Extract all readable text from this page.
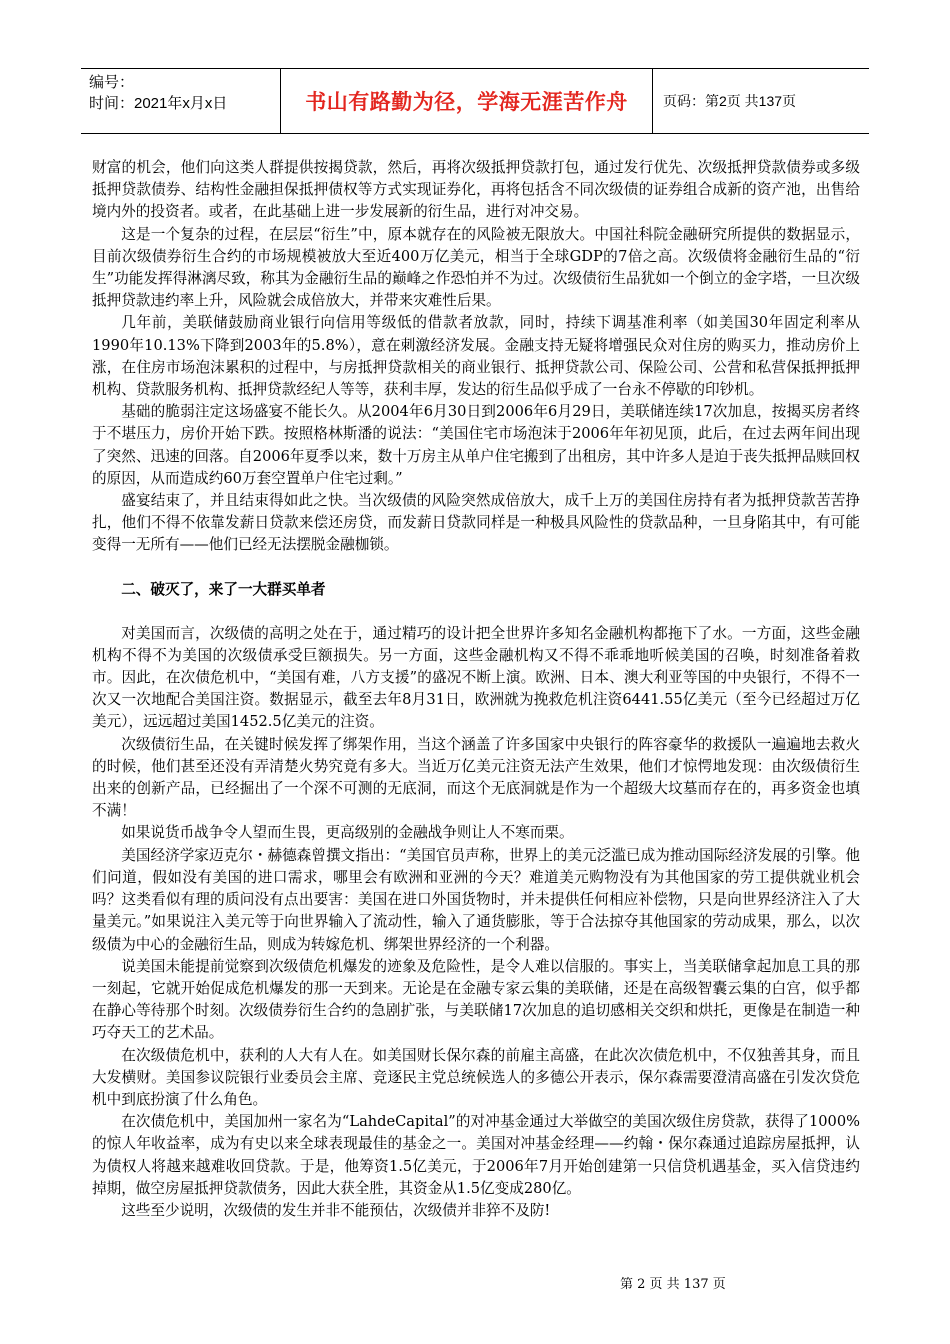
编号：
时间：2021年x月x日	书山有路勤为径，学海无涯苦作舟	页码：第2页 共137页

财富的机会，他们向这类人群提供按揭贷款，然后，再将次级抵押贷款打包，通过发行优先、次级抵押贷款债券或多级抵押贷款债券、结构性金融担保抵押债权等方式实现证券化，再将包括含不同次级债的证券组合成新的资产池，出售给境内外的投资者。或者，在此基础上进一步发展新的衍生品，进行对冲交易。

这是一个复杂的过程，在层层“衍生”中，原本就存在的风险被无限放大。中国社科院金融研究所提供的数据显示，目前次级债券衍生合约的市场规模被放大至近400万亿美元，相当于全球GDP的7倍之高。次级债将金融衍生品的“衍生”功能发挥得淋漓尽致，称其为金融衍生品的巅峰之作恐怕并不为过。次级债衍生品犹如一个倒立的金字塔，一旦次级抵押贷款违约率上升，风险就会成倍放大，并带来灾难性后果。

几年前，美联储鼓励商业银行向信用等级低的借款者放款，同时，持续下调基准利率（如美国30年固定利率从1990年10.13%下降到2003年的5.8%），意在刺激经济发展。金融支持无疑将增强民众对住房的购买力，推动房价上涨，在住房市场泡沫累积的过程中，与房抵押贷款相关的商业银行、抵押贷款公司、保险公司、公营和私营保抵押抵押机构、贷款服务机构、抵押贷款经纪人等等，获利丰厚，发达的衍生品似乎成了一台永不停歇的印钞机。

基础的脆弱注定这场盛宴不能长久。从2004年6月30日到2006年6月29日，美联储连续17次加息，按揭买房者终于不堪压力，房价开始下跌。按照格林斯潘的说法：“美国住宅市场泡沫于2006年年初见顶，此后，在过去两年间出现了突然、迅速的回落。自2006年夏季以来，数十万房主从单户住宅搬到了出租房，其中许多人是迫于丧失抵押品赎回权的原因，从而造成约60万套空置单户住宅过剩。”

盛宴结束了，并且结束得如此之快。当次级债的风险突然成倍放大，成千上万的美国住房持有者为抵押贷款苦苦挣扎，他们不得不依靠发薪日贷款来偿还房贷，而发薪日贷款同样是一种极具风险性的贷款品种，一旦身陷其中，有可能变得一无所有——他们已经无法摆脱金融枷锁。

二、破灭了，来了一大群买单者

对美国而言，次级债的高明之处在于，通过精巧的设计把全世界许多知名金融机构都拖下了水。一方面，这些金融机构不得不为美国的次级债承受巨额损失。另一方面，这些金融机构又不得不乖乖地听候美国的召唤，时刻准备着救市。因此，在次债危机中，“美国有难，八方支援”的盛况不断上演。欧洲、日本、澳大利亚等国的中央银行，不得不一次又一次地配合美国注资。数据显示，截至去年8月31日，欧洲就为挽救危机注资6441.55亿美元（至今已经超过万亿美元），远远超过美国1452.5亿美元的注资。

次级债衍生品，在关键时候发挥了绑架作用，当这个涵盖了许多国家中央银行的阵容豪华的救援队一遍遍地去救火的时候，他们甚至还没有弄清楚火势究竟有多大。当近万亿美元注资无法产生效果，他们才惊愕地发现：由次级债衍生出来的创新产品，已经掘出了一个深不可测的无底洞，而这个无底洞就是作为一个超级大坟墓而存在的，再多资金也填不满！

如果说货币战争令人望而生畏，更高级别的金融战争则让人不寒而栗。

美国经济学家迈克尔・赫德森曾撰文指出：“美国官员声称，世界上的美元泛滥已成为推动国际经济发展的引擎。他们问道，假如没有美国的进口需求，哪里会有欧洲和亚洲的今天？难道美元购物没有为其他国家的劳工提供就业机会吗？这类看似有理的质问没有点出要害：美国在进口外国货物时，并未提供任何相应补偿物，只是向世界经济注入了大量美元。”如果说注入美元等于向世界输入了流动性，输入了通货膨胀，等于合法掠夺其他国家的劳动成果，那么，以次级债为中心的金融衍生品，则成为转嫁危机、绑架世界经济的一个利器。

说美国未能提前觉察到次级债危机爆发的迹象及危险性，是令人难以信服的。事实上，当美联储拿起加息工具的那一刻起，它就开始促成危机爆发的那一天到来。无论是在金融专家云集的美联储，还是在高级智囊云集的白宫，似乎都在静心等待那个时刻。次级债券衍生合约的急剧扩张，与美联储17次加息的追切感相关交织和烘托，更像是在制造一种巧夺天工的艺术品。

在次级债危机中，获利的人大有人在。如美国财长保尔森的前雇主高盛，在此次次债危机中，不仅独善其身，而且大发横财。美国参议院银行业委员会主席、竞逐民主党总统候选人的多德公开表示，保尔森需要澄清高盛在引发次贷危机中到底扮演了什么角色。

在次债危机中，美国加州一家名为“LahdeCapital”的对冲基金通过大举做空的美国次级住房贷款，获得了1000%的惊人年收益率，成为有史以来全球表现最佳的基金之一。美国对冲基金经理——约翰・保尔森通过追踪房屋抵押，认为债权人将越来越难收回贷款。于是，他筹资1.5亿美元，于2006年7月开始创建第一只信贷机遇基金，买入信贷违约掉期，做空房屋抵押贷款债务，因此大获全胜，其资金从1.5亿变成280亿。

这些至少说明，次级债的发生并非不能预估，次级债并非猝不及防!

第 2 页 共 137 页
